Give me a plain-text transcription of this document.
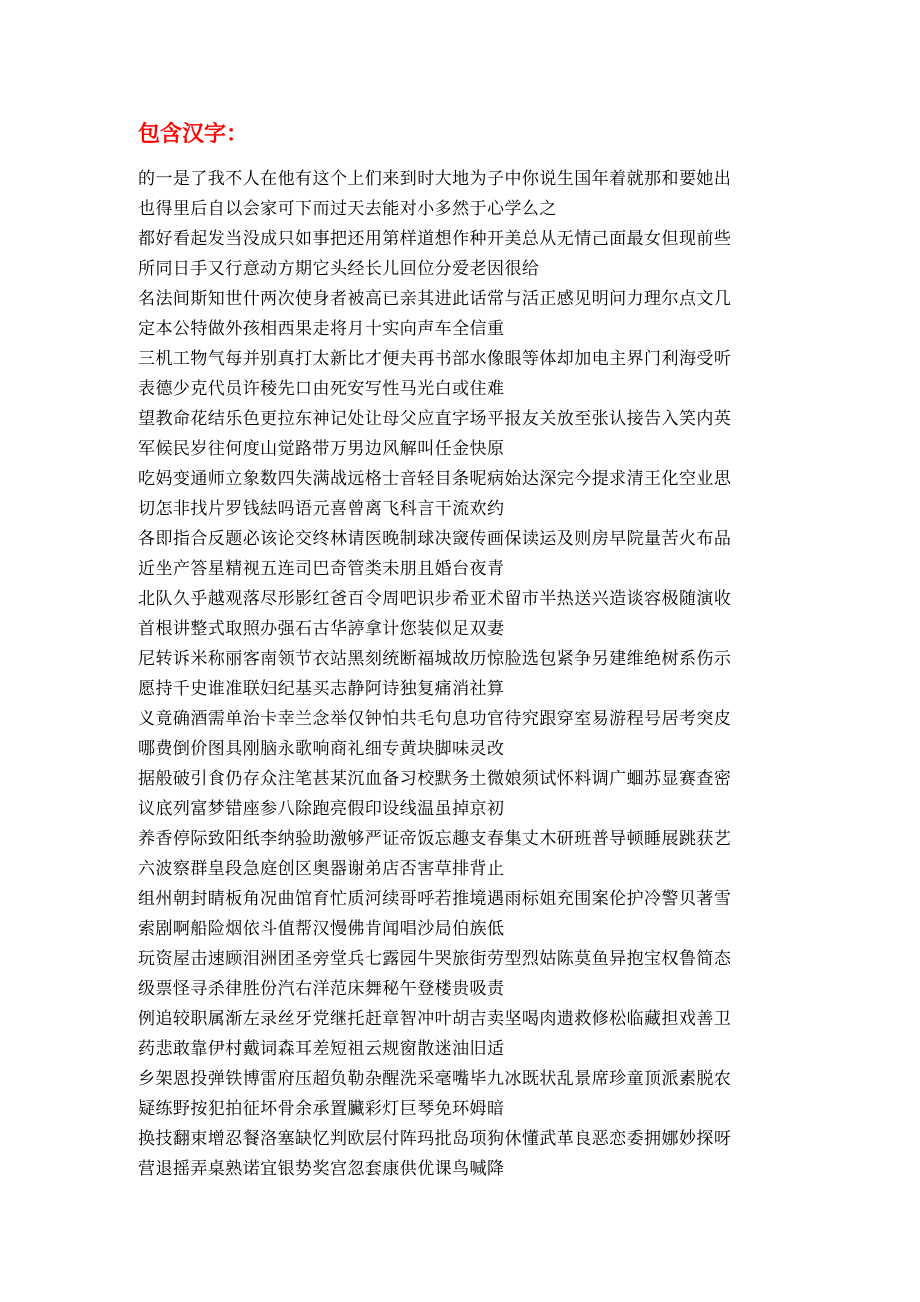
包含汉字：
的一是了我不人在他有这个上们来到时大地为子中你说生国年着就那和要她出
也得里后自以会家可下而过天去能对小多然于心学么之
都好看起发当没成只如事把还用第样道想作种开美总从无情己面最女但现前些
所同日手又行意动方期它头经长儿回位分爱老因很给
名法间斯知世什两次使身者被高已亲其进此话常与活正感见明问力理尔点文几
定本公特做外孩相西果走将月十实向声车全信重
三机工物气每并别真打太新比才便夫再书部水像眼等体却加电主界门利海受听
表德少克代员许稜先口由死安写性马光白或住难
望教命花结乐色更拉东神记处让母父应直字场平报友关放至张认接告入笑内英
军候民岁往何度山觉路带万男边风解叫任金快原
吃妈变通师立象数四失满战远格士音轻目条呢病始达深完今提求清王化空业思
切怎非找片罗钱紶吗语元喜曾离飞科言干流欢约
各即指合反题必该论交终林请医晚制球决窢传画保读运及则房早院量苦火布品
近坐产答星精视五连司巴奇管类未朋且婚台夜青
北队久乎越观落尽形影红爸百令周吧识步希亚术留市半热送兴造谈容极随演收
首根讲整式取照办强石古华諪拿计您装似足双妻
尼转诉米称丽客南领节衣站黑刻统断福城故历惊脸选包紧争另建维绝树系伤示
愿持千史谁准联妇纪基买志静阿诗独复痛消社算
义竟确酒需单治卡幸兰念举仅钟怕共毛句息功官待究跟穿室易游程号居考突皮
哪费倒价图具刚脑永歌响商礼细专黄块脚味灵改
据般破引食仍存众注笔甚某沉血备习校默务土微娘须试怀料调广蜖苏显赛查密
议底列富梦错座参八除跑亮假印设线温虽掉京初
养香停际致阳纸李纳验助激够严证帝饭忘趣支春集丈木研班普导顿睡展跳获艺
六波察群皇段急庭创区奥器谢弟店否害草排背止
组州朝封睛板角况曲馆育忙质河续哥呼若推境遇雨标姐充围案伦护冷警贝著雪
索剧啊船险烟依斗值帮汉慢佛肯闻唱沙局伯族低
玩资屋击速顾泪洲团圣旁堂兵七露园牛哭旅街劳型烈姑陈莫鱼异抱宝权鲁简态
级票怪寻杀律胜份汽右洋范床舞秘午登楼贵吸责
例追较职属渐左录丝牙党继托赶章智冲叶胡吉卖坚喝肉遗救修松临藏担戏善卫
药悲敢靠伊村戴词森耳差短祖云规窗散迷油旧适
乡架恩投弹铁博雷府压超负勒杂醒洗采毫嘴毕九冰既状乱景席珍童顶派素脱农
疑练野按犯拍征坏骨余承置臟彩灯巨琴免环姆暗
换技翻束增忍餐洛塞缺忆判欧层付阵玛批岛项狗休懂武革良恶恋委拥娜妙探呀
营退摇弄桌熟诺宜银势奖宫忽套康供优课鸟喊降
